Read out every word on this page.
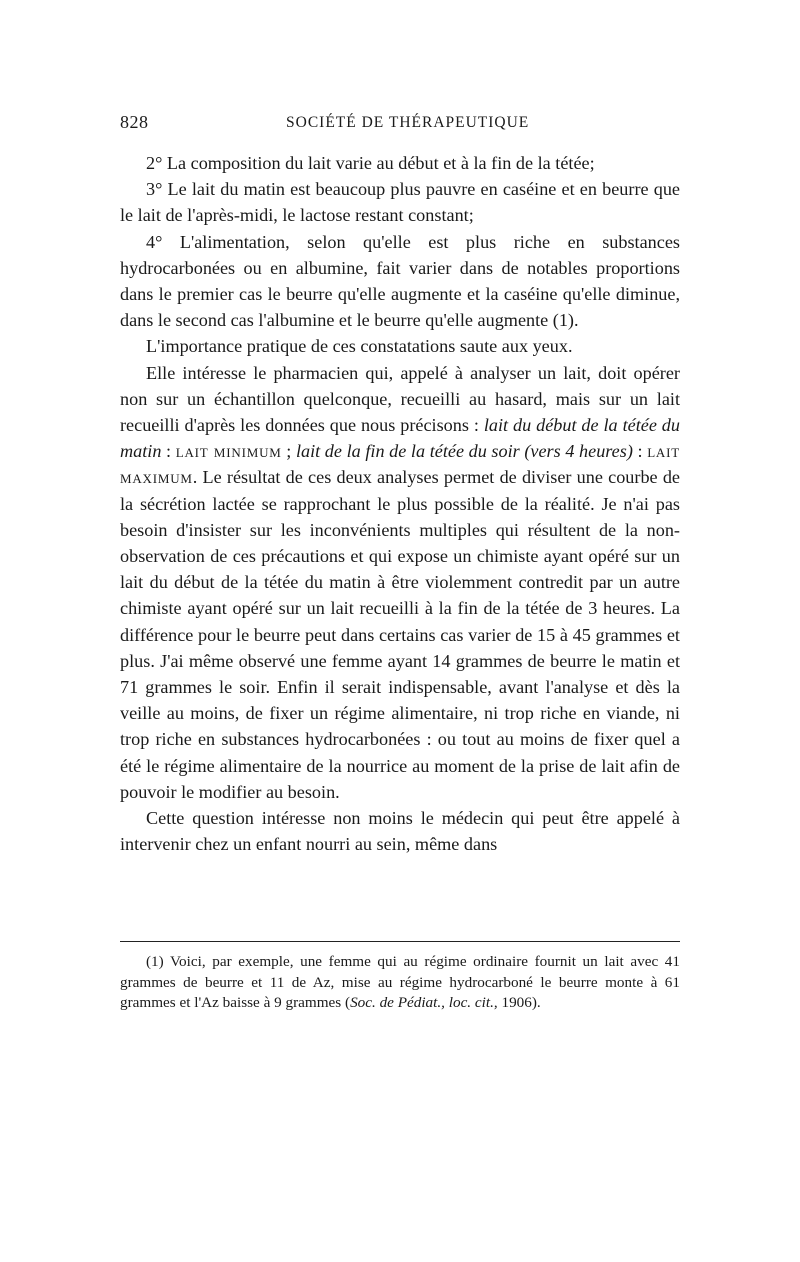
828	SOCIÉTÉ DE THÉRAPEUTIQUE

2° La composition du lait varie au début et à la fin de la tétée;

3° Le lait du matin est beaucoup plus pauvre en caséine et en beurre que le lait de l'après-midi, le lactose restant constant;

4° L'alimentation, selon qu'elle est plus riche en substances hydrocarbonées ou en albumine, fait varier dans de notables proportions dans le premier cas le beurre qu'elle augmente et la caséine qu'elle diminue, dans le second cas l'albumine et le beurre qu'elle augmente (1).

L'importance pratique de ces constatations saute aux yeux.

Elle intéresse le pharmacien qui, appelé à analyser un lait, doit opérer non sur un échantillon quelconque, recueilli au hasard, mais sur un lait recueilli d'après les données que nous précisons : lait du début de la tétée du matin : lait minimum ; lait de la fin de la tétée du soir (vers 4 heures) : lait maximum. Le résultat de ces deux analyses permet de diviser une courbe de la sécrétion lactée se rapprochant le plus possible de la réalité. Je n'ai pas besoin d'insister sur les inconvénients multiples qui résultent de la non-observation de ces précautions et qui expose un chimiste ayant opéré sur un lait du début de la tétée du matin à être violemment contredit par un autre chimiste ayant opéré sur un lait recueilli à la fin de la tétée de 3 heures. La différence pour le beurre peut dans certains cas varier de 15 à 45 grammes et plus. J'ai même observé une femme ayant 14 grammes de beurre le matin et 71 grammes le soir. Enfin il serait indispensable, avant l'analyse et dès la veille au moins, de fixer un régime alimentaire, ni trop riche en viande, ni trop riche en substances hydrocarbonées : ou tout au moins de fixer quel a été le régime alimentaire de la nourrice au moment de la prise de lait afin de pouvoir le modifier au besoin.

Cette question intéresse non moins le médecin qui peut être appelé à intervenir chez un enfant nourri au sein, même dans

(1) Voici, par exemple, une femme qui au régime ordinaire fournit un lait avec 41 grammes de beurre et 11 de Az, mise au régime hydrocarboné le beurre monte à 61 grammes et l'Az baisse à 9 grammes (Soc. de Pédiat., loc. cit., 1906).
